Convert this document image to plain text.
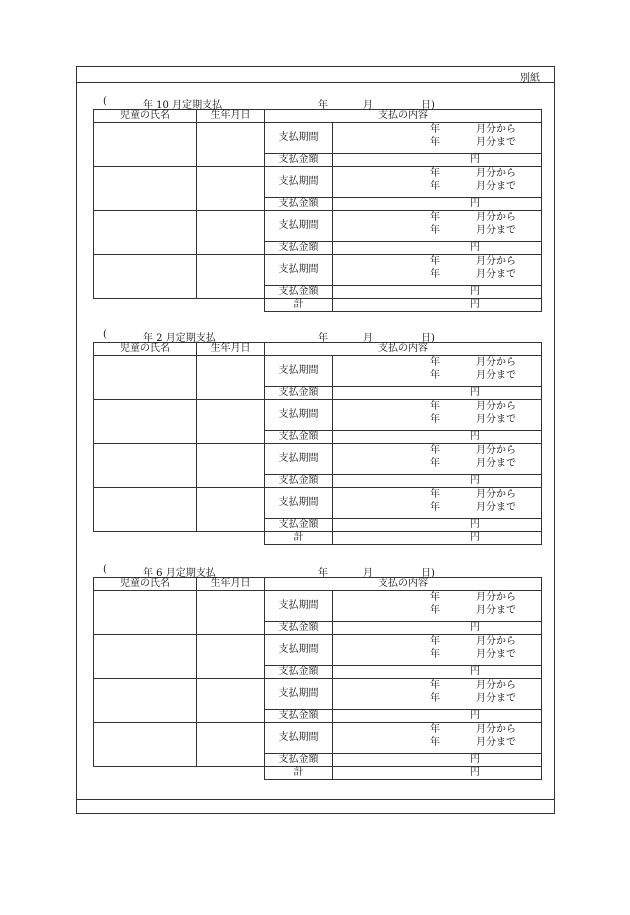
別紙
(	年 10 月定期支払	年	月	日)
児童の氏名	生年月日	支払の内容	
		支払期間	年 月分から
年 月分まで

		支払金額	円

		支払期間	年 月分から
年 月分まで

		支払金額	円

		支払期間	年 月分から
年 月分まで

		支払金額	円

		支払期間	年 月分から
年 月分まで

		支払金額	円

		計	円
(	年 2 月定期支払	年	月	日)
児童の氏名	生年月日	支払の内容	
		支払期間	年 月分から
年 月分まで

		支払金額	円

		支払期間	年 月分から
年 月分まで

		支払金額	円

		支払期間	年 月分から
年 月分まで

		支払金額	円

		支払期間	年 月分から
年 月分まで

		支払金額	円

		計	円
(	年 6 月定期支払	年	月	日)
児童の氏名	生年月日	支払の内容	
		支払期間	年 月分から
年 月分まで

		支払金額	円

		支払期間	年 月分から
年 月分まで

		支払金額	円

		支払期間	年 月分から
年 月分まで

		支払金額	円

		支払期間	年 月分から
年 月分まで

		支払金額	円

		計	円
